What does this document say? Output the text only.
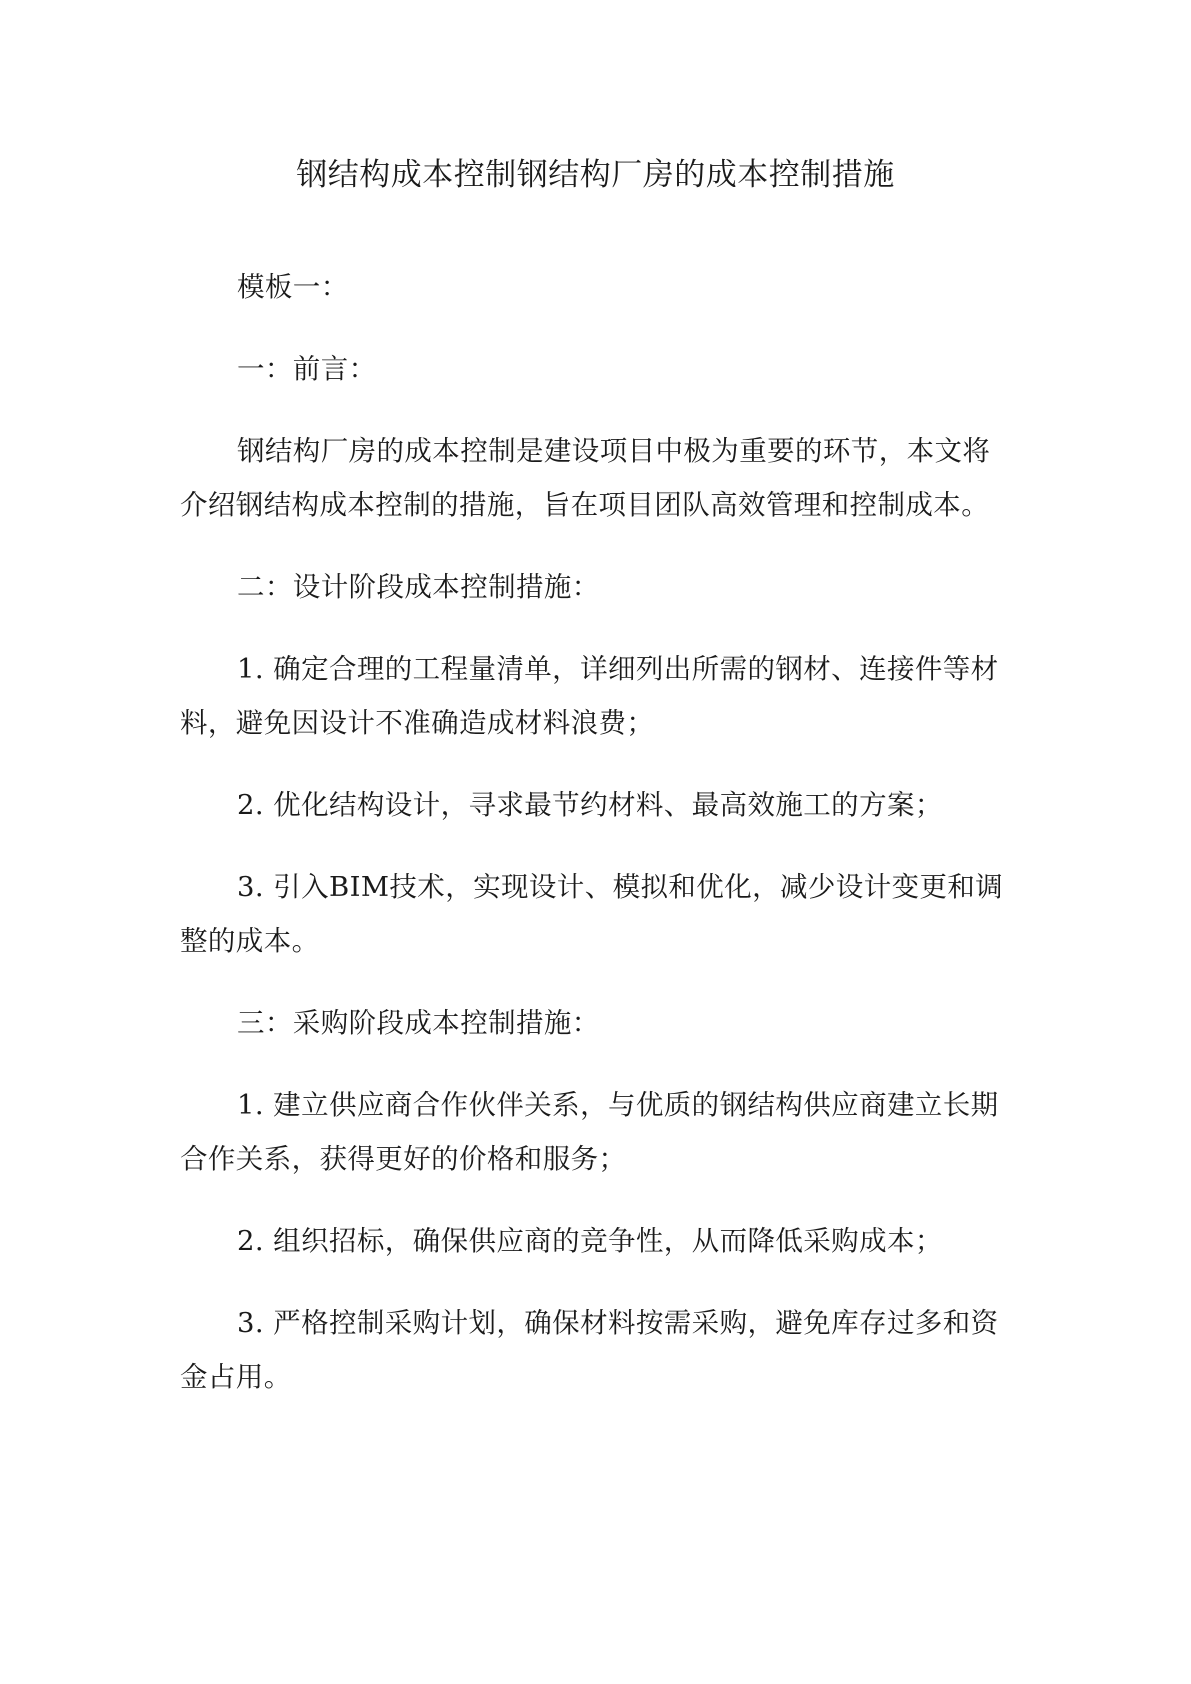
钢结构成本控制钢结构厂房的成本控制措施

模板一：

一：前言：

钢结构厂房的成本控制是建设项目中极为重要的环节，本文将介绍钢结构成本控制的措施，旨在项目团队高效管理和控制成本。

二：设计阶段成本控制措施：

1. 确定合理的工程量清单，详细列出所需的钢材、连接件等材料，避免因设计不准确造成材料浪费；

2. 优化结构设计，寻求最节约材料、最高效施工的方案；

3. 引入BIM技术，实现设计、模拟和优化，减少设计变更和调整的成本。

三：采购阶段成本控制措施：

1. 建立供应商合作伙伴关系，与优质的钢结构供应商建立长期合作关系，获得更好的价格和服务；

2. 组织招标，确保供应商的竞争性，从而降低采购成本；

3. 严格控制采购计划，确保材料按需采购，避免库存过多和资金占用。
